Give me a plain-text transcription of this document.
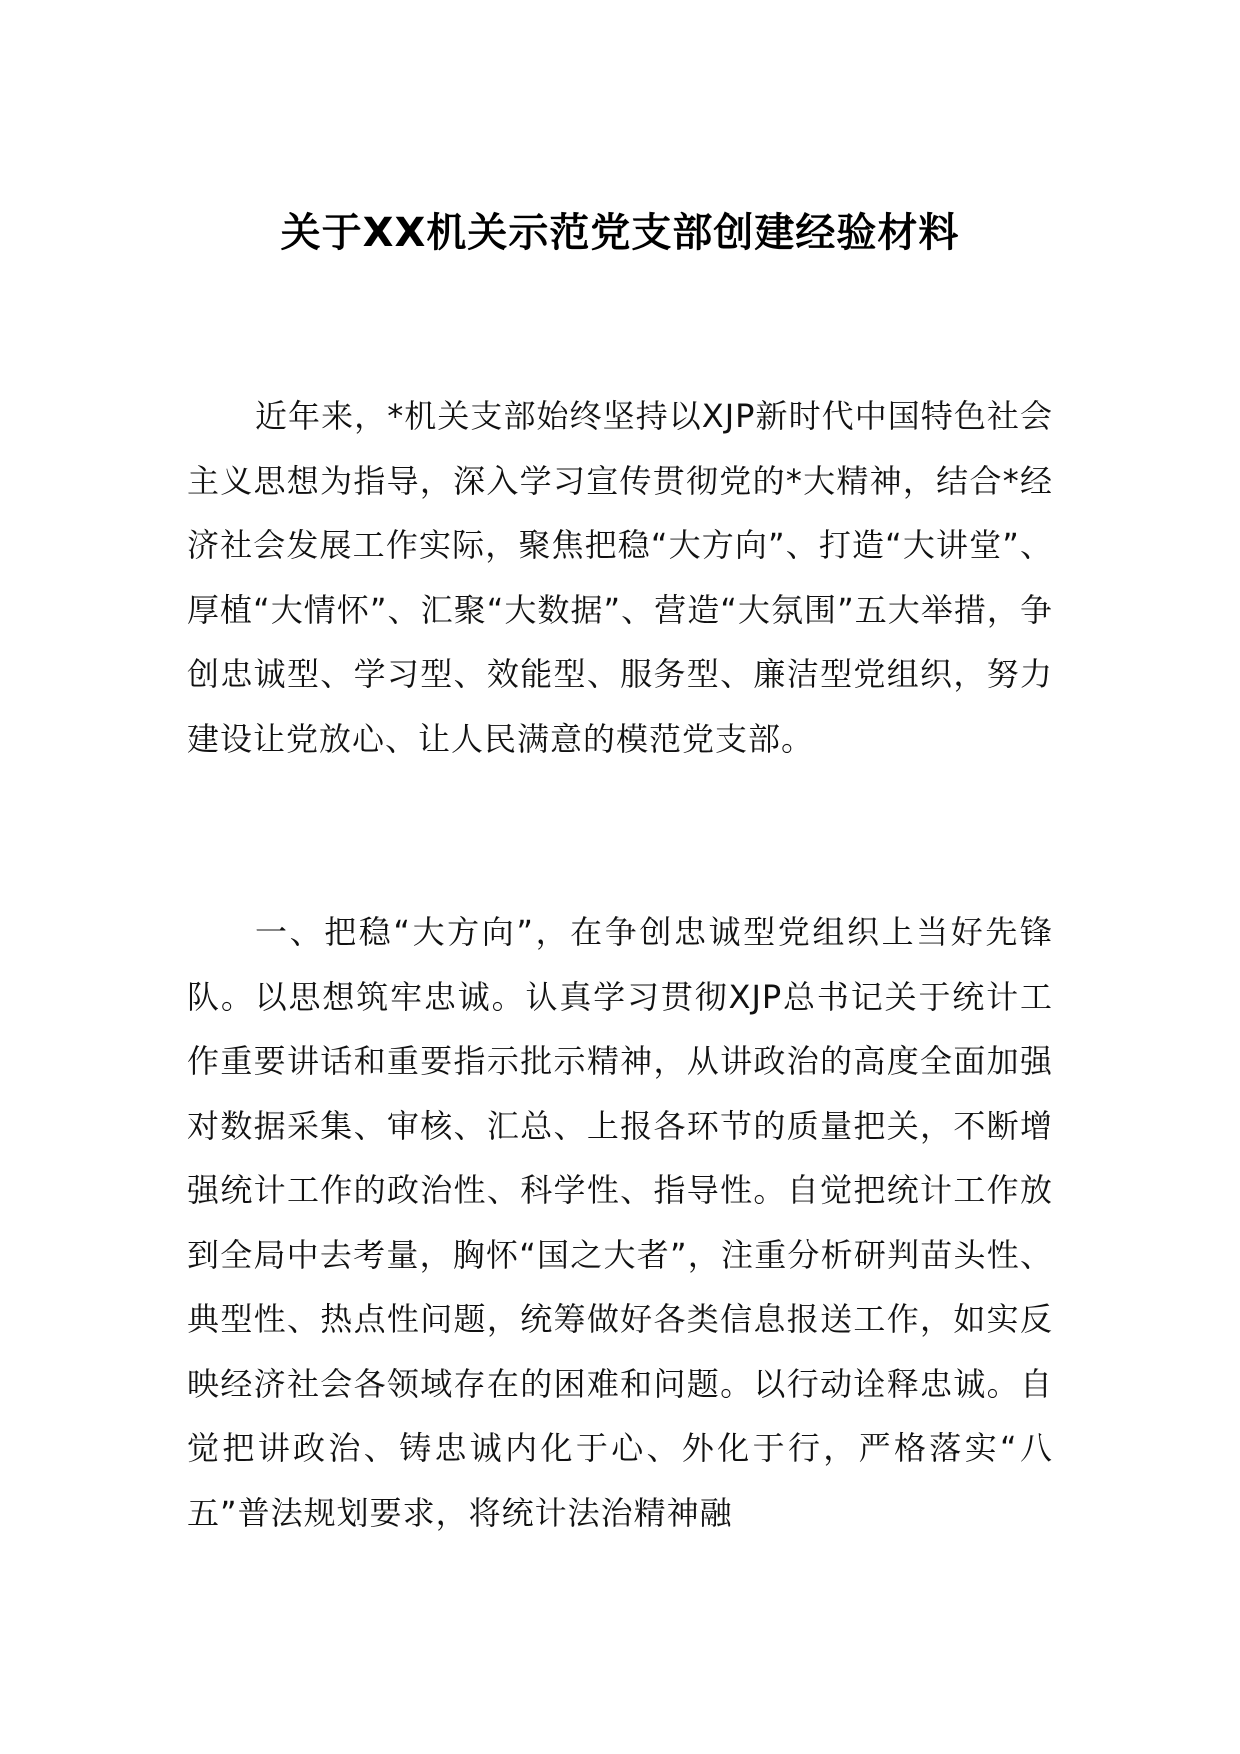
关于XX机关示范党支部创建经验材料

近年来，*机关支部始终坚持以XJP新时代中国特色社会主义思想为指导，深入学习宣传贯彻党的*大精神，结合*经济社会发展工作实际，聚焦把稳“大方向”、打造“大讲堂”、厚植“大情怀”、汇聚“大数据”、营造“大氛围”五大举措，争创忠诚型、学习型、效能型、服务型、廉洁型党组织，努力建设让党放心、让人民满意的模范党支部。

一、把稳“大方向”，在争创忠诚型党组织上当好先锋队。以思想筑牢忠诚。认真学习贯彻XJP总书记关于统计工作重要讲话和重要指示批示精神，从讲政治的高度全面加强对数据采集、审核、汇总、上报各环节的质量把关，不断增强统计工作的政治性、科学性、指导性。自觉把统计工作放到全局中去考量，胸怀“国之大者”，注重分析研判苗头性、典型性、热点性问题，统筹做好各类信息报送工作，如实反映经济社会各领域存在的困难和问题。以行动诠释忠诚。自觉把讲政治、铸忠诚内化于心、外化于行，严格落实“八五”普法规划要求，将统计法治精神融
